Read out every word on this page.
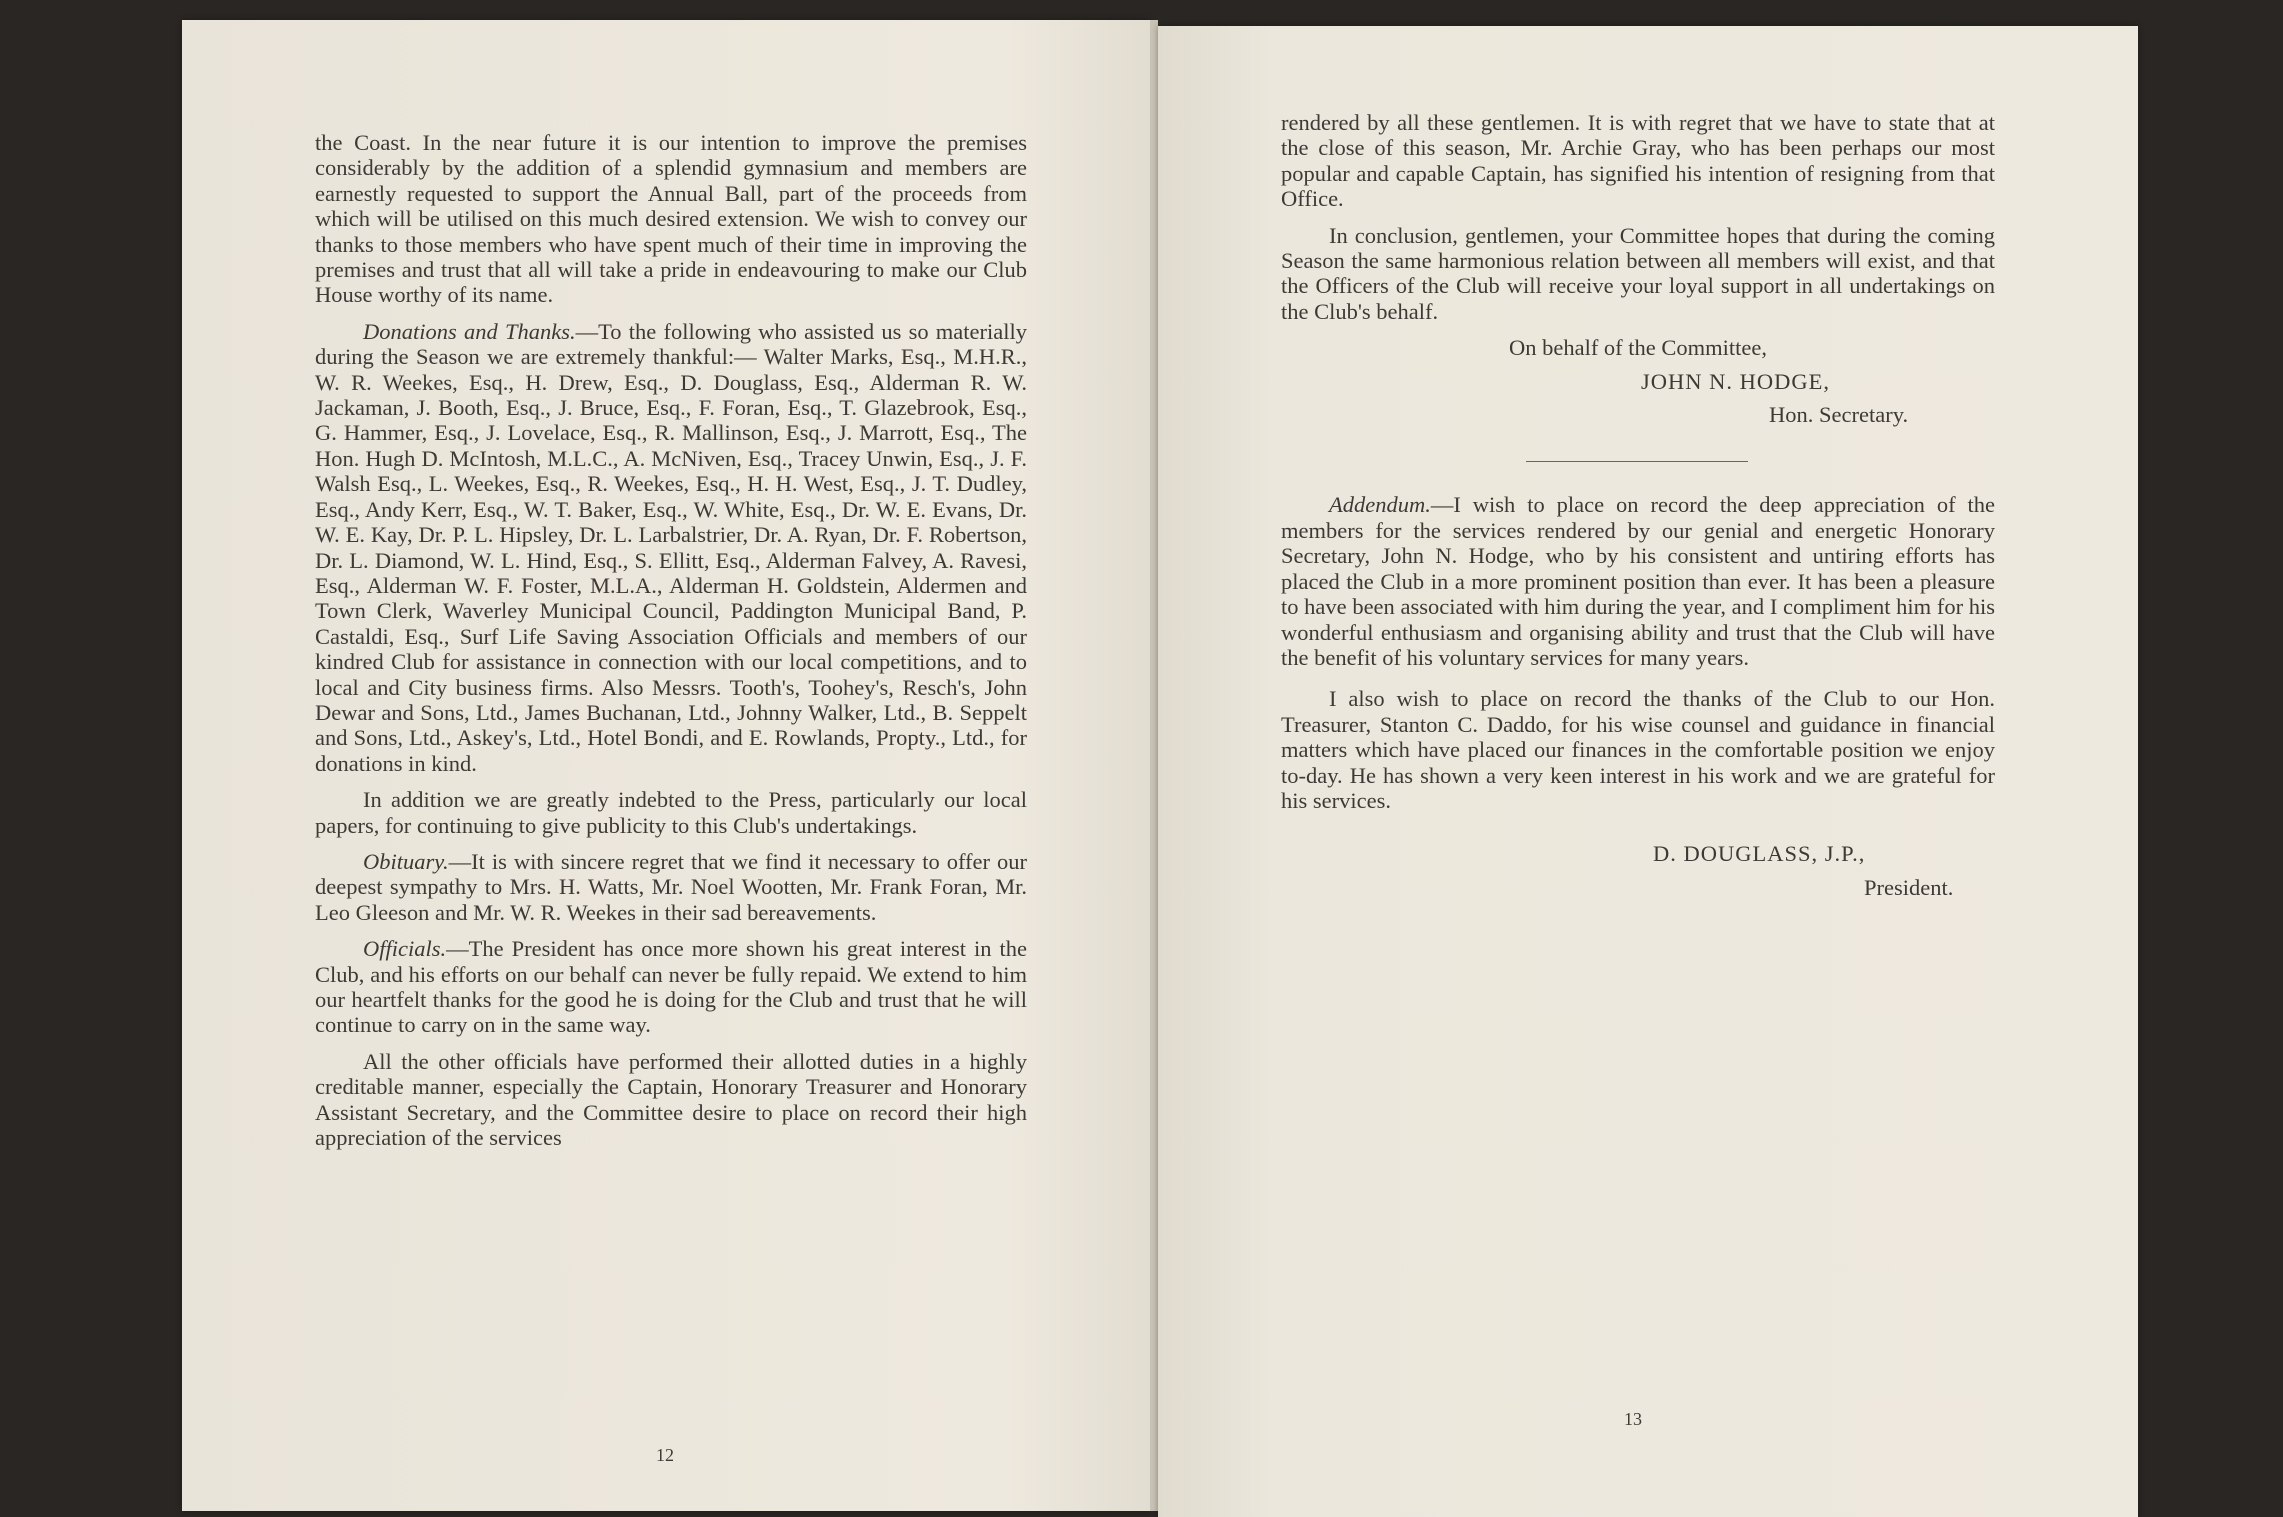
the Coast. In the near future it is our intention to improve the premises considerably by the addition of a splendid gymnasium and members are earnestly requested to support the Annual Ball, part of the proceeds from which will be utilised on this much desired extension. We wish to convey our thanks to those members who have spent much of their time in improving the premises and trust that all will take a pride in endeavouring to make our Club House worthy of its name.

Donations and Thanks.—To the following who assisted us so materially during the Season we are extremely thankful:— Walter Marks, Esq., M.H.R., W. R. Weekes, Esq., H. Drew, Esq., D. Douglass, Esq., Alderman R. W. Jackaman, J. Booth, Esq., J. Bruce, Esq., F. Foran, Esq., T. Glazebrook, Esq., G. Hammer, Esq., J. Lovelace, Esq., R. Mallinson, Esq., J. Marrott, Esq., The Hon. Hugh D. McIntosh, M.L.C., A. McNiven, Esq., Tracey Unwin, Esq., J. F. Walsh Esq., L. Weekes, Esq., R. Weekes, Esq., H. H. West, Esq., J. T. Dudley, Esq., Andy Kerr, Esq., W. T. Baker, Esq., W. White, Esq., Dr. W. E. Evans, Dr. W. E. Kay, Dr. P. L. Hipsley, Dr. L. Larbalstrier, Dr. A. Ryan, Dr. F. Robertson, Dr. L. Diamond, W. L. Hind, Esq., S. Ellitt, Esq., Alderman Falvey, A. Ravesi, Esq., Alderman W. F. Foster, M.L.A., Alderman H. Goldstein, Aldermen and Town Clerk, Waverley Municipal Council, Paddington Municipal Band, P. Castaldi, Esq., Surf Life Saving Association Officials and members of our kindred Club for assistance in connection with our local competitions, and to local and City business firms. Also Messrs. Tooth's, Toohey's, Resch's, John Dewar and Sons, Ltd., James Buchanan, Ltd., Johnny Walker, Ltd., B. Seppelt and Sons, Ltd., Askey's, Ltd., Hotel Bondi, and E. Rowlands, Propty., Ltd., for donations in kind.

In addition we are greatly indebted to the Press, particularly our local papers, for continuing to give publicity to this Club's undertakings.

Obituary.—It is with sincere regret that we find it necessary to offer our deepest sympathy to Mrs. H. Watts, Mr. Noel Wootten, Mr. Frank Foran, Mr. Leo Gleeson and Mr. W. R. Weekes in their sad bereavements.

Officials.—The President has once more shown his great interest in the Club, and his efforts on our behalf can never be fully repaid. We extend to him our heartfelt thanks for the good he is doing for the Club and trust that he will continue to carry on in the same way.

All the other officials have performed their allotted duties in a highly creditable manner, especially the Captain, Honorary Treasurer and Honorary Assistant Secretary, and the Committee desire to place on record their high appreciation of the services

12

rendered by all these gentlemen. It is with regret that we have to state that at the close of this season, Mr. Archie Gray, who has been perhaps our most popular and capable Captain, has signified his intention of resigning from that Office.

In conclusion, gentlemen, your Committee hopes that during the coming Season the same harmonious relation between all members will exist, and that the Officers of the Club will receive your loyal support in all undertakings on the Club's behalf.

On behalf of the Committee,
JOHN N. HODGE,
Hon. Secretary.

Addendum.—I wish to place on record the deep appreciation of the members for the services rendered by our genial and energetic Honorary Secretary, John N. Hodge, who by his consistent and untiring efforts has placed the Club in a more prominent position than ever. It has been a pleasure to have been associated with him during the year, and I compliment him for his wonderful enthusiasm and organising ability and trust that the Club will have the benefit of his voluntary services for many years.

I also wish to place on record the thanks of the Club to our Hon. Treasurer, Stanton C. Daddo, for his wise counsel and guidance in financial matters which have placed our finances in the comfortable position we enjoy to-day. He has shown a very keen interest in his work and we are grateful for his services.

D. DOUGLASS, J.P.,
President.
13
